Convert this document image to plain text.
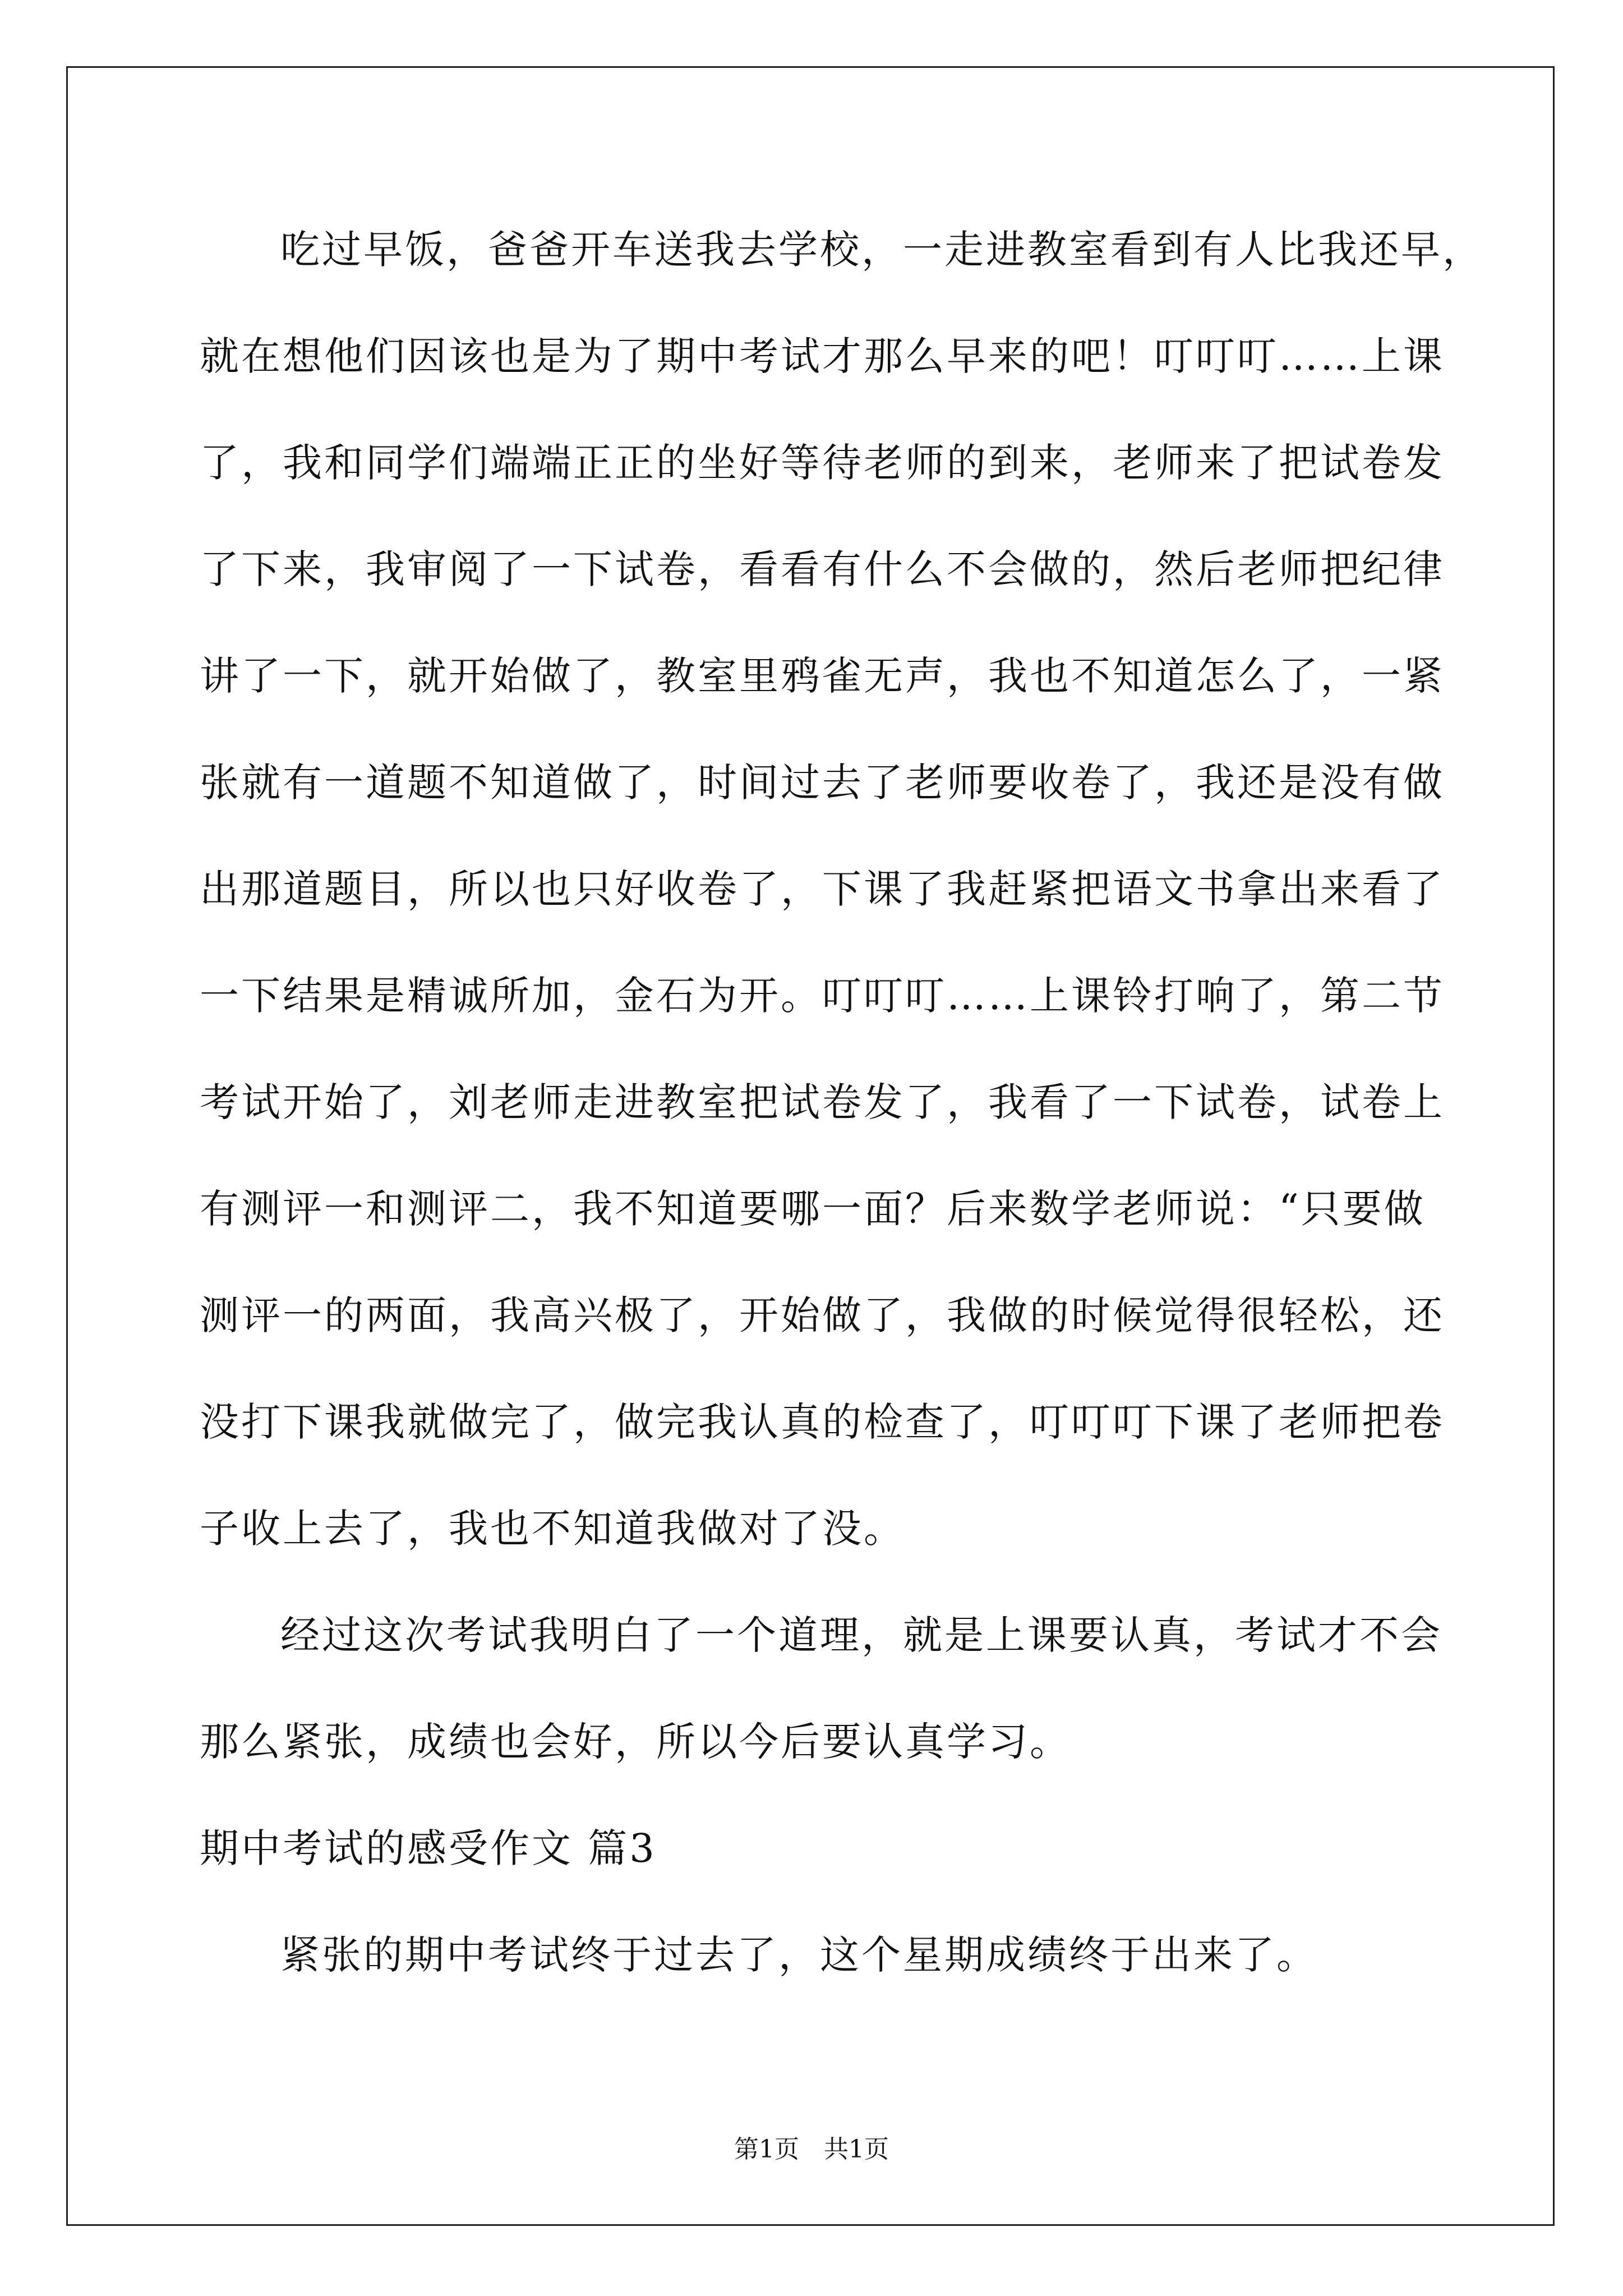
吃过早饭，爸爸开车送我去学校，一走进教室看到有人比我还早，
就在想他们因该也是为了期中考试才那么早来的吧！叮叮叮……上课
了，我和同学们端端正正的坐好等待老师的到来，老师来了把试卷发
了下来，我审阅了一下试卷，看看有什么不会做的，然后老师把纪律
讲了一下，就开始做了，教室里鸦雀无声，我也不知道怎么了，一紧
张就有一道题不知道做了，时间过去了老师要收卷了，我还是没有做
出那道题目，所以也只好收卷了，下课了我赶紧把语文书拿出来看了
一下结果是精诚所加，金石为开。叮叮叮……上课铃打响了，第二节
考试开始了，刘老师走进教室把试卷发了，我看了一下试卷，试卷上
有测评一和测评二，我不知道要哪一面？后来数学老师说：“只要做
测评一的两面，我高兴极了，开始做了，我做的时候觉得很轻松，还
没打下课我就做完了，做完我认真的检查了，叮叮叮下课了老师把卷
子收上去了，我也不知道我做对了没。
经过这次考试我明白了一个道理，就是上课要认真，考试才不会
那么紧张，成绩也会好，所以今后要认真学习。
期中考试的感受作文 篇3
紧张的期中考试终于过去了，这个星期成绩终于出来了。
第1页　共1页
